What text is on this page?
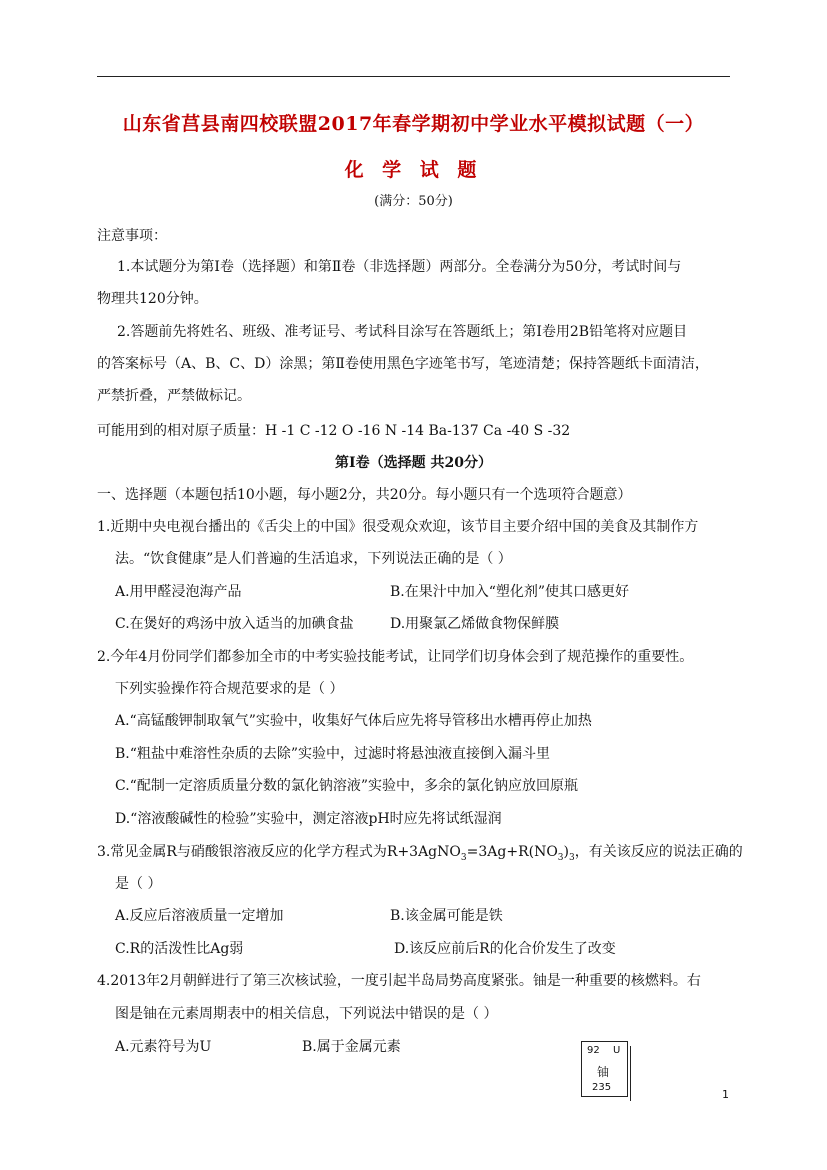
山东省莒县南四校联盟2017年春学期初中学业水平模拟试题（一）
化 学 试 题
(满分：50分)
注意事项：
1.本试题分为第Ⅰ卷（选择题）和第Ⅱ卷（非选择题）两部分。全卷满分为50分，考试时间与
物理共120分钟。
2.答题前先将姓名、班级、准考证号、考试科目涂写在答题纸上；第Ⅰ卷用2B铅笔将对应题目
的答案标号（A、B、C、D）涂黑；第Ⅱ卷使用黑色字迹笔书写，笔迹清楚；保持答题纸卡面清洁，
严禁折叠，严禁做标记。
可能用到的相对原子质量：H -1 C -12 O -16 N -14 Ba-137 Ca -40 S -32
第Ⅰ卷（选择题 共20分）
一、选择题（本题包括10小题，每小题2分，共20分。每小题只有一个选项符合题意）
1.近期中央电视台播出的《舌尖上的中国》很受观众欢迎，该节目主要介绍中国的美食及其制作方
法。“饮食健康”是人们普遍的生活追求，下列说法正确的是（ ）
A.用甲醛浸泡海产品	B.在果汁中加入“塑化剂”使其口感更好
C.在煲好的鸡汤中放入适当的加碘食盐	D.用聚氯乙烯做食物保鲜膜
2.今年4月份同学们都参加全市的中考实验技能考试，让同学们切身体会到了规范操作的重要性。
下列实验操作符合规范要求的是（ ）
A.“高锰酸钾制取氧气”实验中，收集好气体后应先将导管移出水槽再停止加热
B.“粗盐中难溶性杂质的去除”实验中，过滤时将悬浊液直接倒入漏斗里
C.“配制一定溶质质量分数的氯化钠溶液”实验中，多余的氯化钠应放回原瓶
D.“溶液酸碱性的检验”实验中，测定溶液pH时应先将试纸湿润
3.常见金属R与硝酸银溶液反应的化学方程式为$R+3AgNO_3=3Ag+R(NO_3)_3$，有关该反应的说法正确的
是（ ）
A.反应后溶液质量一定增加	B.该金属可能是铁
C.R的活泼性比Ag弱	D.该反应前后R的化合价发生了改变
4.2013年2月朝鲜进行了第三次核试验，一度引起半岛局势高度紧张。铀是一种重要的核燃料。右
图是铀在元素周期表中的相关信息，下列说法中错误的是（ ）
A.元素符号为U	B.属于金属元素	92 U
铀
235
1
